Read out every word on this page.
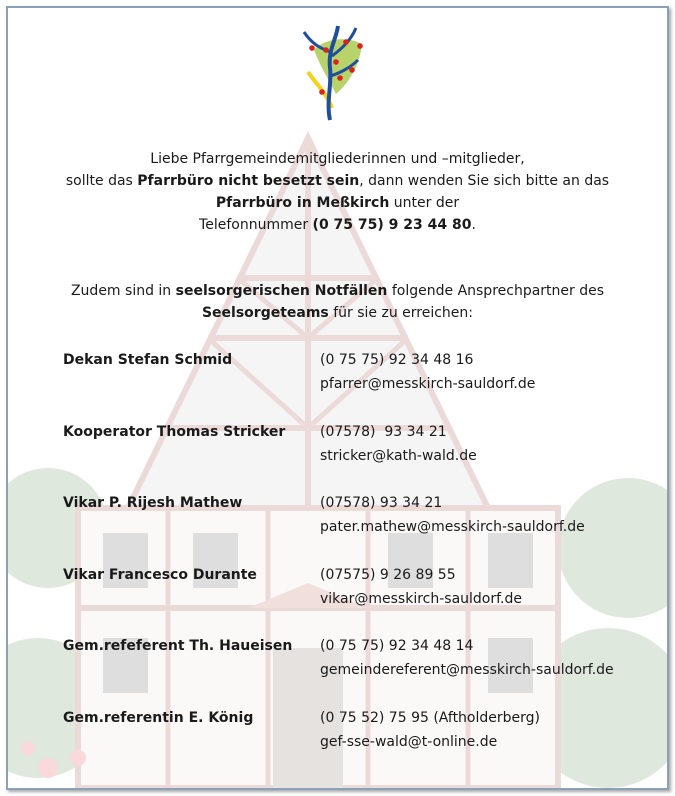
Liebe Pfarrgemeindemitgliederinnen und –mitglieder,
sollte das Pfarrbüro nicht besetzt sein, dann wenden Sie sich bitte an das
Pfarrbüro in Meßkirch unter der
Telefonnummer (0 75 75) 9 23 44 80.
Zudem sind in seelsorgerischen Notfällen folgende Ansprechpartner des
Seelsorgeteams für sie zu erreichen:
Dekan Stefan Schmid	(0 75 75) 92 34 48 16
pfarrer@messkirch-sauldorf.de
Kooperator Thomas Stricker (07578)  93 34 21
stricker@kath-wald.de
Vikar P. Rijesh Mathew	(07578) 93 34 21
pater.mathew@messkirch-sauldorf.de
Vikar Francesco Durante	(07575) 9 26 89 55
vikar@messkirch-sauldorf.de
Gem.refeferent Th. Haueisen (0 75 75) 92 34 48 14
gemeindereferent@messkirch-sauldorf.de
Gem.referentin E. König	(0 75 52) 75 95 (Aftholderberg)
gef-sse-wald@t-online.de
